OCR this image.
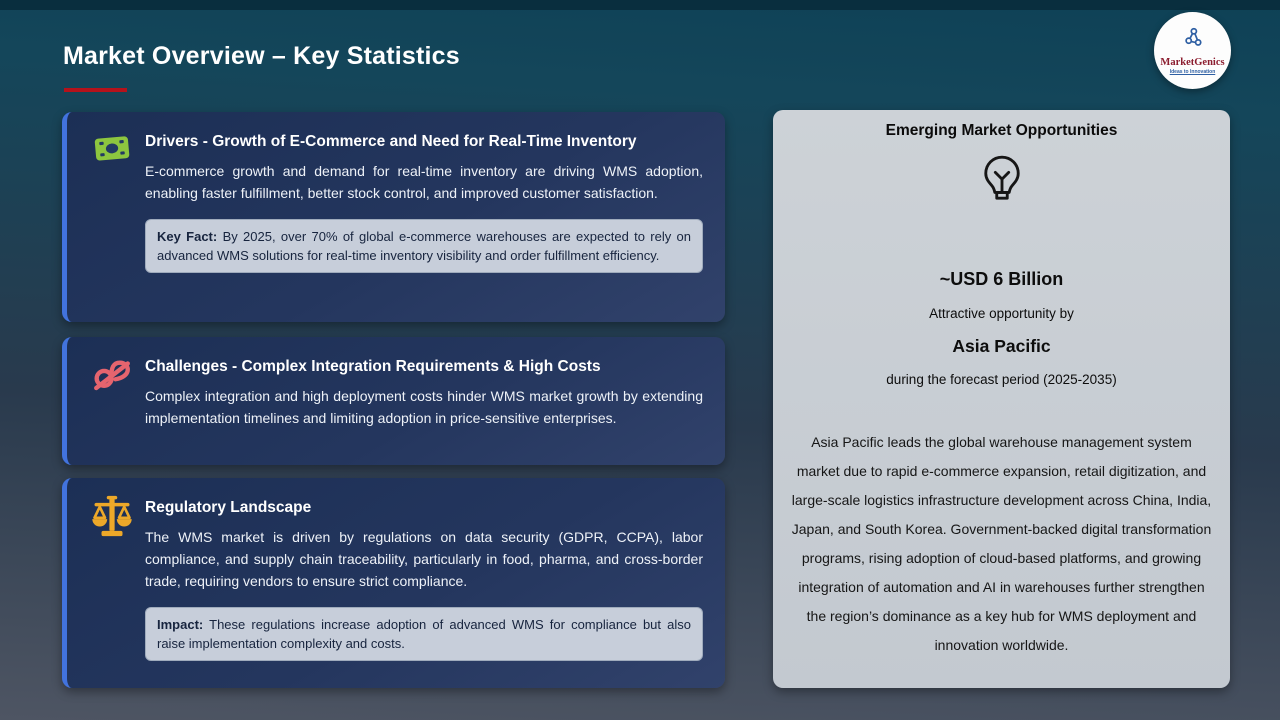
Market Overview – Key Statistics	MarketGenics
Ideas to Innovation
Drivers - Growth of E-Commerce and Need for Real-Time Inventory

E-commerce growth and demand for real-time inventory are driving WMS adoption, enabling faster fulfillment, better stock control, and improved customer satisfaction.

Key Fact: By 2025, over 70% of global e-commerce warehouses are expected to rely on advanced WMS solutions for real-time inventory visibility and order fulfillment efficiency.
Challenges - Complex Integration Requirements & High Costs

Complex integration and high deployment costs hinder WMS market growth by extending implementation timelines and limiting adoption in price-sensitive enterprises.

Regulatory Landscape

The WMS market is driven by regulations on data security (GDPR, CCPA), labor compliance, and supply chain traceability, particularly in food, pharma, and cross-border trade, requiring vendors to ensure strict compliance.

Impact: These regulations increase adoption of advanced WMS for compliance but also raise implementation complexity and costs.
Emerging Market Opportunities
~USD 6 Billion
Attractive opportunity by
Asia Pacific
during the forecast period (2025-2035)

Asia Pacific leads the global warehouse management system market due to rapid e-commerce expansion, retail digitization, and large-scale logistics infrastructure development across China, India, Japan, and South Korea. Government-backed digital transformation programs, rising adoption of cloud-based platforms, and growing integration of automation and AI in warehouses further strengthen the region’s dominance as a key hub for WMS deployment and innovation worldwide.
